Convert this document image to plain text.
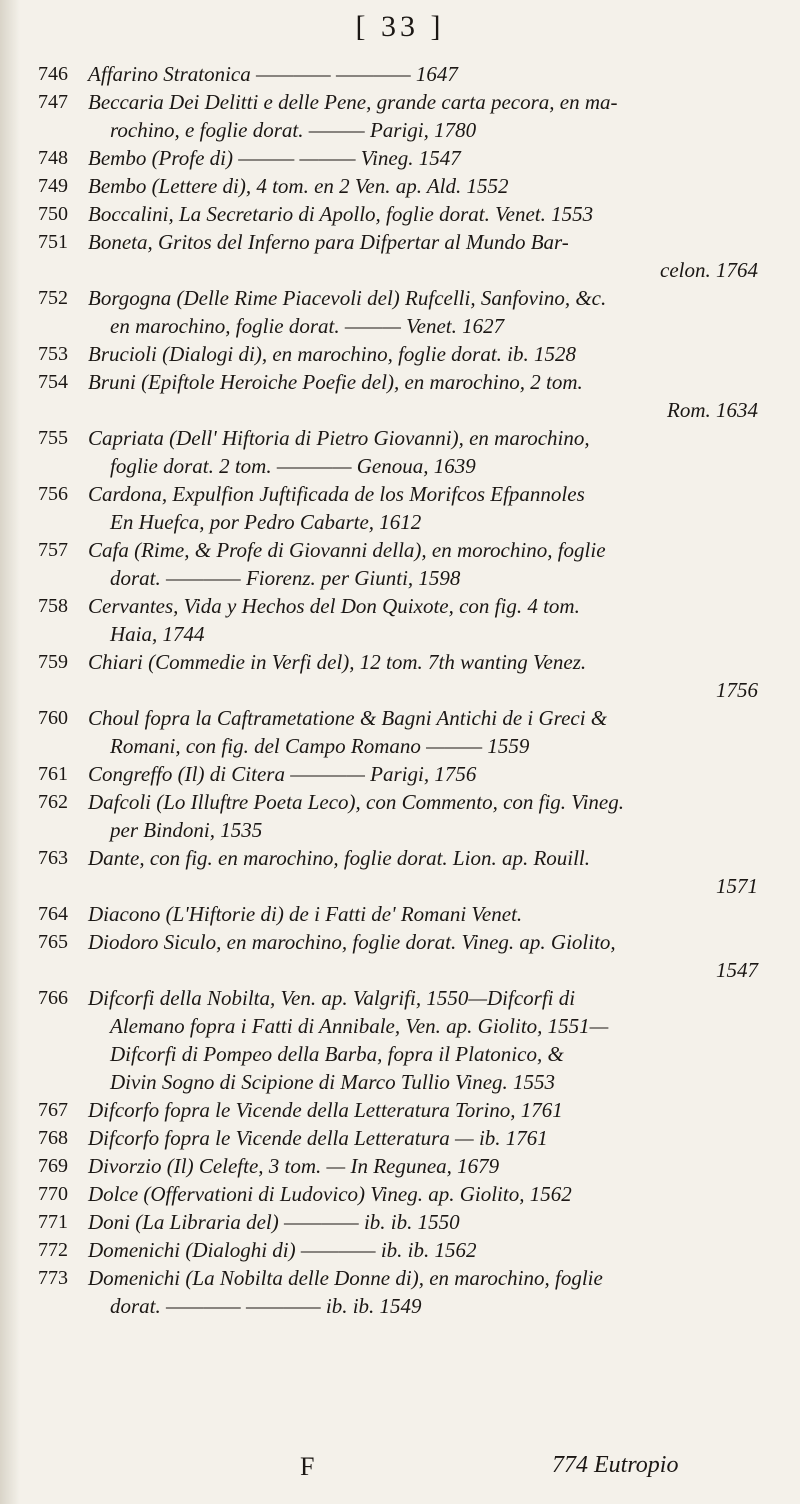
[ 33 ]
746 Affarino Stratonica ———— ———— 1647
747 Beccaria Dei Delitti e delle Pene, grande carta pecora, en ma-
rochino, e foglie dorat. ——— Parigi, 1780
748 Bembo (Profe di) ——— ——— Vineg. 1547
749 Bembo (Lettere di), 4 tom. en 2 Ven. ap. Ald. 1552
750 Boccalini, La Secretario di Apollo, foglie dorat. Venet. 1553
751 Boneta, Gritos del Inferno para Difpertar al Mundo Bar-
celon. 1764
752 Borgogna (Delle Rime Piacevoli del) Rufcelli, Sanfovino, &c.
en marochino, foglie dorat. ——— Venet. 1627
753 Brucioli (Dialogi di), en marochino, foglie dorat. ib. 1528
754 Bruni (Epiftole Heroiche Poefie del), en marochino, 2 tom.
Rom. 1634
755 Capriata (Dell' Hiftoria di Pietro Giovanni), en marochino,
foglie dorat. 2 tom. ———— Genoua, 1639
756 Cardona, Expulfion Juftificada de los Morifcos Efpannoles
En Huefca, por Pedro Cabarte, 1612
757 Cafa (Rime, & Profe di Giovanni della), en morochino, foglie
dorat. ———— Fiorenz. per Giunti, 1598
758 Cervantes, Vida y Hechos del Don Quixote, con fig. 4 tom.
Haia, 1744
759 Chiari (Commedie in Verfi del), 12 tom. 7th wanting Venez.
1756
760 Choul fopra la Caftrametatione & Bagni Antichi de i Greci &
Romani, con fig. del Campo Romano ——— 1559
761 Congreffo (Il) di Citera ———— Parigi, 1756
762 Dafcoli (Lo Illuftre Poeta Leco), con Commento, con fig. Vineg.
per Bindoni, 1535
763 Dante, con fig. en marochino, foglie dorat. Lion. ap. Rouill.
1571
764 Diacono (L'Hiftorie di) de i Fatti de' Romani Venet.
765 Diodoro Siculo, en marochino, foglie dorat. Vineg. ap. Giolito,
1547
766 Difcorfi della Nobilta, Ven. ap. Valgrifi, 1550—Difcorfi di
Alemano fopra i Fatti di Annibale, Ven. ap. Giolito, 1551—
Difcorfi di Pompeo della Barba, fopra il Platonico, &
Divin Sogno di Scipione di Marco Tullio Vineg. 1553
767 Difcorfo fopra le Vicende della Letteratura Torino, 1761
768 Difcorfo fopra le Vicende della Letteratura — ib. 1761
769 Divorzio (Il) Celefte, 3 tom. — In Regunea, 1679
770 Dolce (Offervationi di Ludovico) Vineg. ap. Giolito, 1562
771 Doni (La Libraria del) ———— ib. ib. 1550
772 Domenichi (Dialoghi di) ———— ib. ib. 1562
773 Domenichi (La Nobilta delle Donne di), en marochino, foglie
dorat. ———— ———— ib. ib. 1549
F	774 Eutropio
